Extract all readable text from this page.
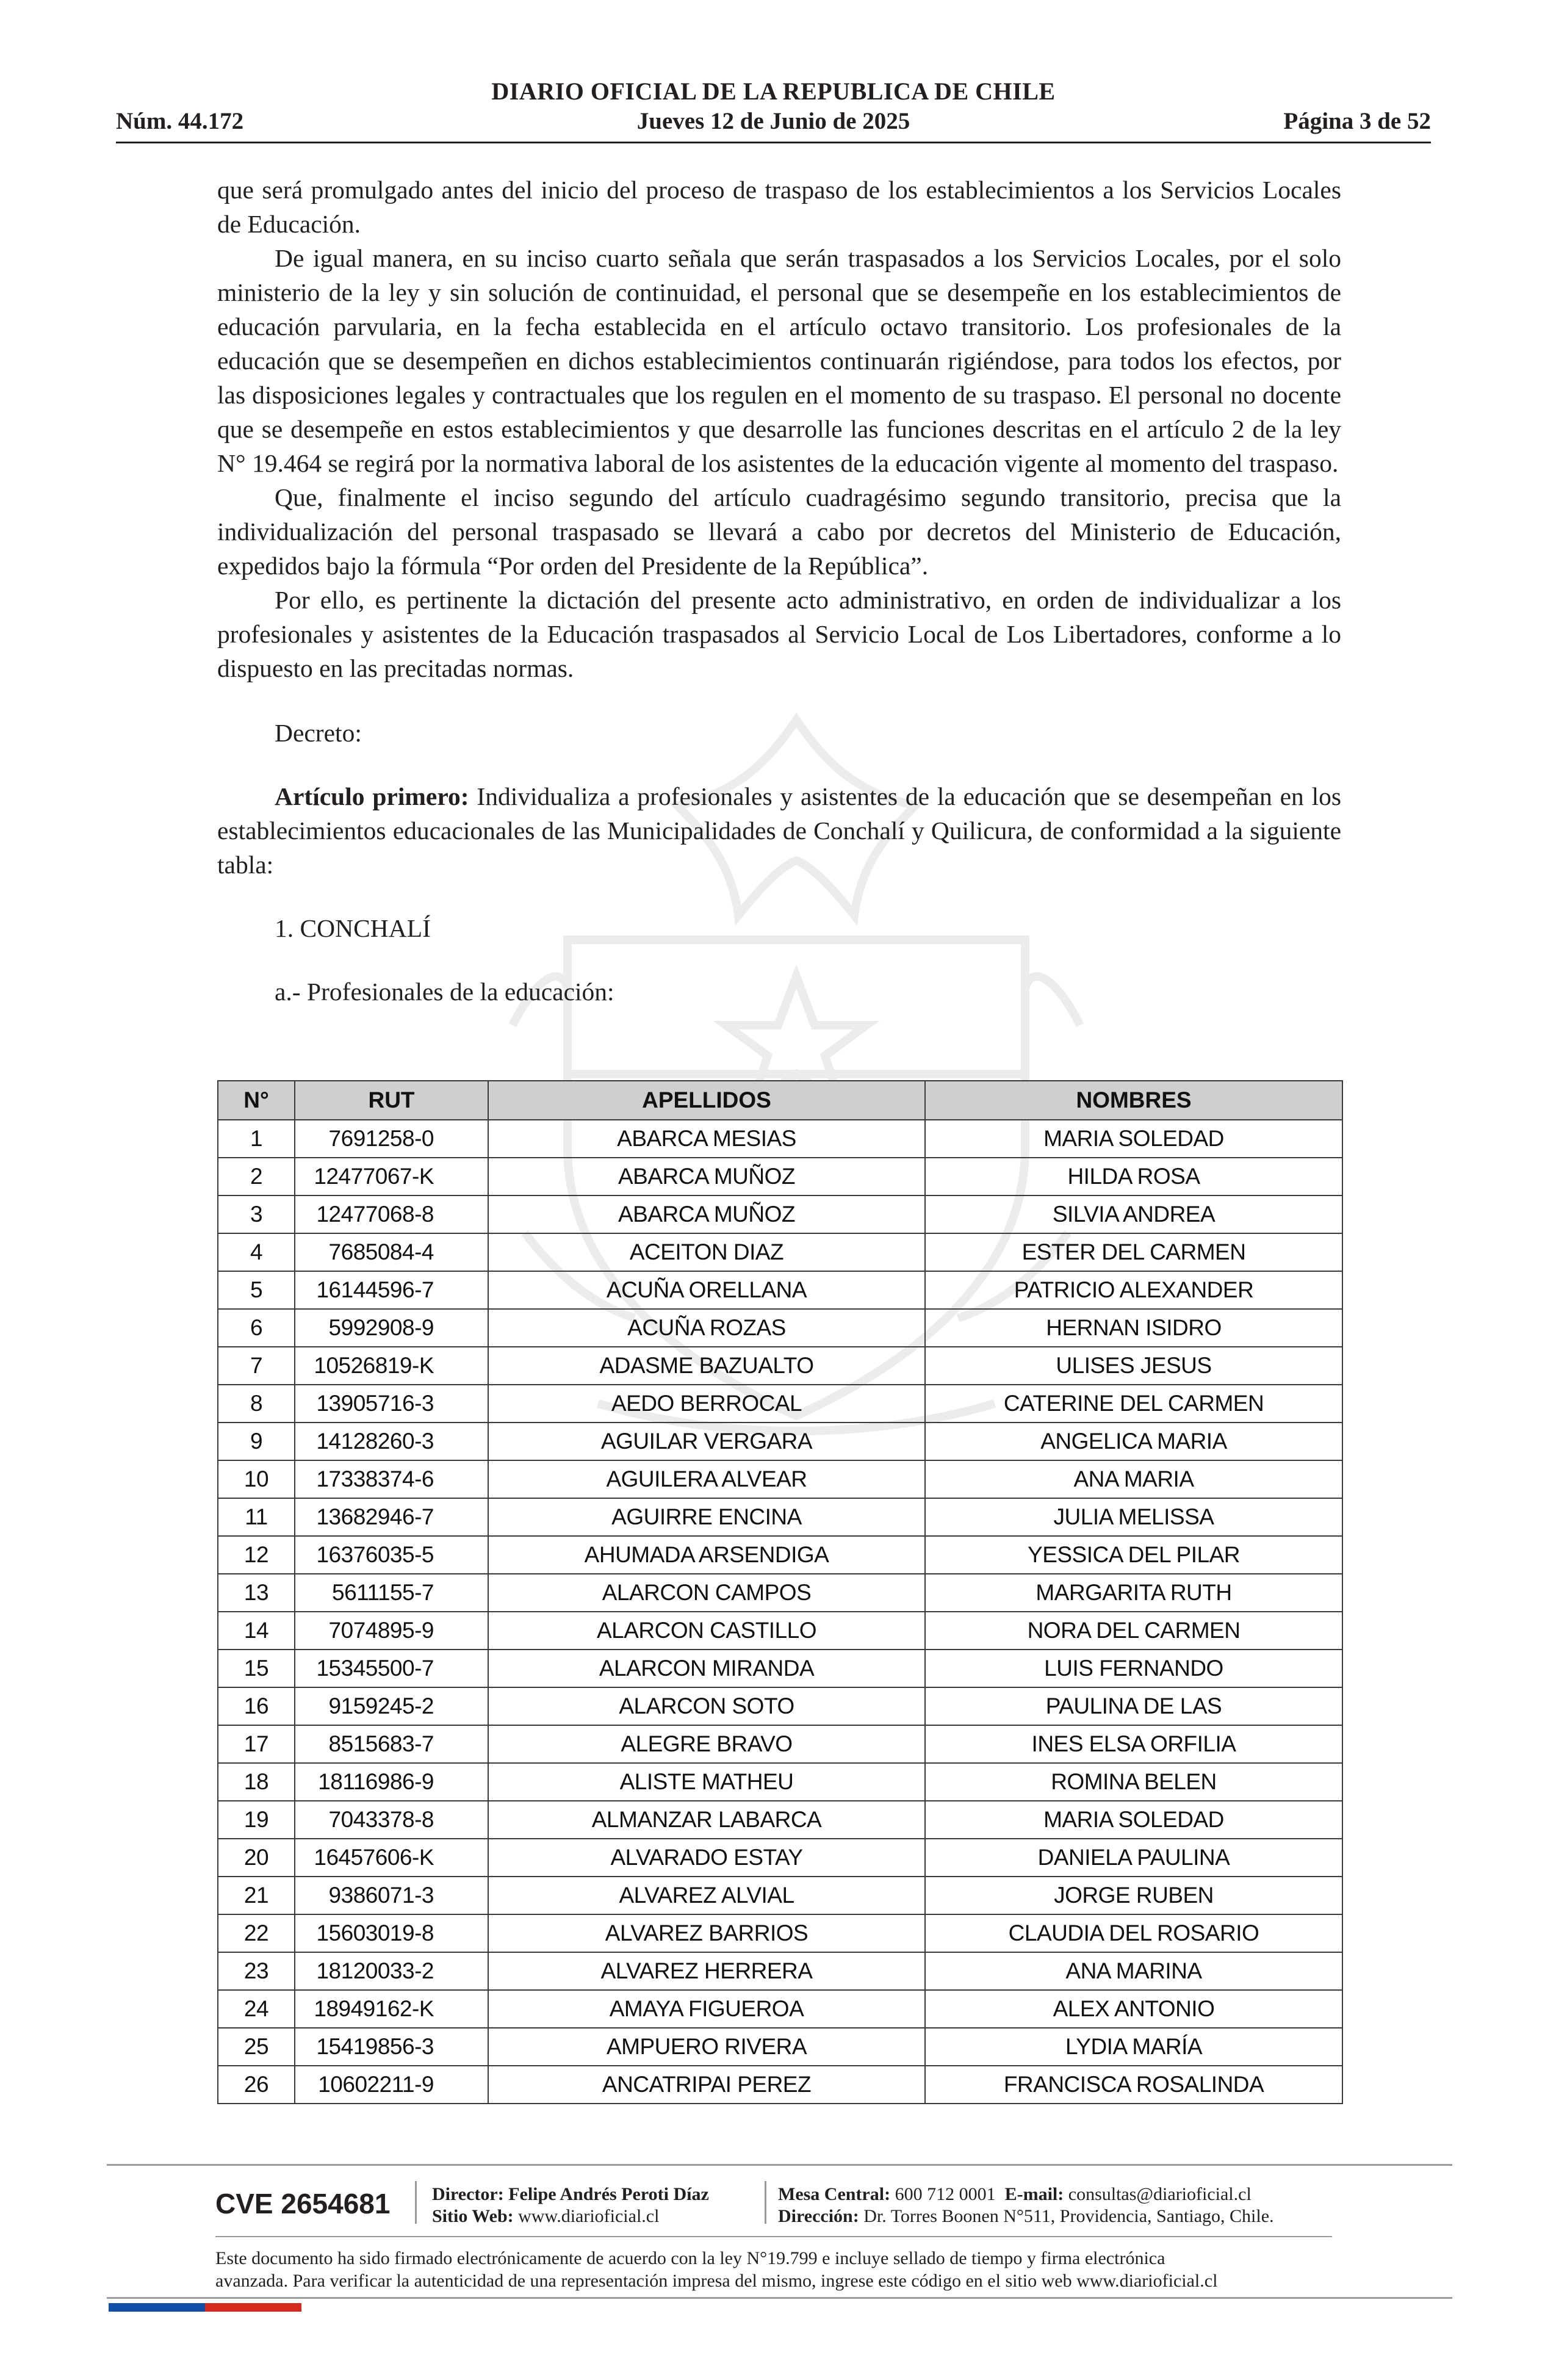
DIARIO OFICIAL DE LA REPUBLICA DE CHILE
Núm. 44.172	Jueves 12 de Junio de 2025	Página 3 de 52

que será promulgado antes del inicio del proceso de traspaso de los establecimientos a los Servicios Locales de Educación.

De igual manera, en su inciso cuarto señala que serán traspasados a los Servicios Locales, por el solo ministerio de la ley y sin solución de continuidad, el personal que se desempeñe en los establecimientos de educación parvularia, en la fecha establecida en el artículo octavo transitorio. Los profesionales de la educación que se desempeñen en dichos establecimientos continuarán rigiéndose, para todos los efectos, por las disposiciones legales y contractuales que los regulen en el momento de su traspaso. El personal no docente que se desempeñe en estos establecimientos y que desarrolle las funciones descritas en el artículo 2 de la ley N° 19.464 se regirá por la normativa laboral de los asistentes de la educación vigente al momento del traspaso.

Que, finalmente el inciso segundo del artículo cuadragésimo segundo transitorio, precisa que la individualización del personal traspasado se llevará a cabo por decretos del Ministerio de Educación, expedidos bajo la fórmula “Por orden del Presidente de la República”.

Por ello, es pertinente la dictación del presente acto administrativo, en orden de individualizar a los profesionales y asistentes de la Educación traspasados al Servicio Local de Los Libertadores, conforme a lo dispuesto en las precitadas normas.

Decreto:

Artículo primero: Individualiza a profesionales y asistentes de la educación que se desempeñan en los establecimientos educacionales de las Municipalidades de Conchalí y Quilicura, de conformidad a la siguiente tabla:

1. CONCHALÍ

a.- Profesionales de la educación:

N°	RUT	APELLIDOS	NOMBRES
1	7691258-0	ABARCA MESIAS	MARIA SOLEDAD
2	12477067-K	ABARCA MUÑOZ	HILDA ROSA
3	12477068-8	ABARCA MUÑOZ	SILVIA ANDREA
4	7685084-4	ACEITON DIAZ	ESTER DEL CARMEN
5	16144596-7	ACUÑA ORELLANA	PATRICIO ALEXANDER
6	5992908-9	ACUÑA ROZAS	HERNAN ISIDRO
7	10526819-K	ADASME BAZUALTO	ULISES JESUS
8	13905716-3	AEDO BERROCAL	CATERINE DEL CARMEN
9	14128260-3	AGUILAR VERGARA	ANGELICA MARIA
10	17338374-6	AGUILERA ALVEAR	ANA MARIA
11	13682946-7	AGUIRRE ENCINA	JULIA MELISSA
12	16376035-5	AHUMADA ARSENDIGA	YESSICA DEL PILAR
13	5611155-7	ALARCON CAMPOS	MARGARITA RUTH
14	7074895-9	ALARCON CASTILLO	NORA DEL CARMEN
15	15345500-7	ALARCON MIRANDA	LUIS FERNANDO
16	9159245-2	ALARCON SOTO	PAULINA DE LAS
17	8515683-7	ALEGRE BRAVO	INES ELSA ORFILIA
18	18116986-9	ALISTE MATHEU	ROMINA BELEN
19	7043378-8	ALMANZAR LABARCA	MARIA SOLEDAD
20	16457606-K	ALVARADO ESTAY	DANIELA PAULINA
21	9386071-3	ALVAREZ ALVIAL	JORGE RUBEN
22	15603019-8	ALVAREZ BARRIOS	CLAUDIA DEL ROSARIO
23	18120033-2	ALVAREZ HERRERA	ANA MARINA
24	18949162-K	AMAYA FIGUEROA	ALEX ANTONIO
25	15419856-3	AMPUERO RIVERA	LYDIA MARÍA
26	10602211-9	ANCATRIPAI PEREZ	FRANCISCA ROSALINDA
CVE 2654681 Director: Felipe Andrés Peroti Díaz
Sitio Web: www.diarioficial.cl
Mesa Central: 600 712 0001 E-mail: consultas@diarioficial.cl
Dirección: Dr. Torres Boonen N°511, Providencia, Santiago, Chile.
Este documento ha sido firmado electrónicamente de acuerdo con la ley N°19.799 e incluye sellado de tiempo y firma electrónica
avanzada. Para verificar la autenticidad de una representación impresa del mismo, ingrese este código en el sitio web www.diarioficial.cl
